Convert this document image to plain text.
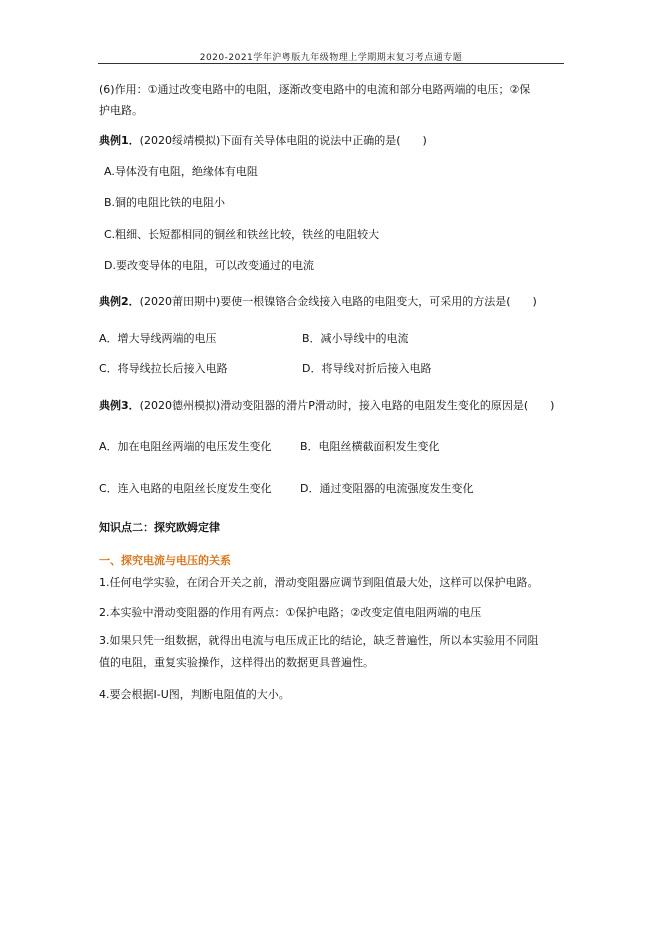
2020-2021学年沪粤版九年级物理上学期期末复习考点通专题
(6)作用：①通过改变电路中的电阻，逐渐改变电路中的电流和部分电路两端的电压；②保
护电路。
典例1．(2020绥靖模拟)下面有关导体电阻的说法中正确的是(　　)
A.导体没有电阻，绝缘体有电阻
B.铜的电阻比铁的电阻小
C.粗细、长短都相同的铜丝和铁丝比较，铁丝的电阻较大
D.要改变导体的电阻，可以改变通过的电流
典例2．(2020莆田期中)要使一根镍铬合金线接入电路的电阻变大，可采用的方法是(　　)
A．增大导线两端的电压	B．减小导线中的电流
C．将导线拉长后接入电路	D．将导线对折后接入电路
典例3．(2020德州模拟)滑动变阻器的滑片P滑动时，接入电路的电阻发生变化的原因是(　　)
A．加在电阻丝两端的电压发生变化	B．电阻丝横截面积发生变化
C．连入电路的电阻丝长度发生变化	D．通过变阻器的电流强度发生变化
知识点二：探究欧姆定律
一、探究电流与电压的关系
1.任何电学实验，在闭合开关之前，滑动变阻器应调节到阻值最大处，这样可以保护电路。
2.本实验中滑动变阻器的作用有两点：①保护电路；②改变定值电阻两端的电压
3.如果只凭一组数据，就得出电流与电压成正比的结论，缺乏普遍性，所以本实验用不同阻
值的电阻，重复实验操作，这样得出的数据更具普遍性。
4.要会根据I-U图，判断电阻值的大小。
